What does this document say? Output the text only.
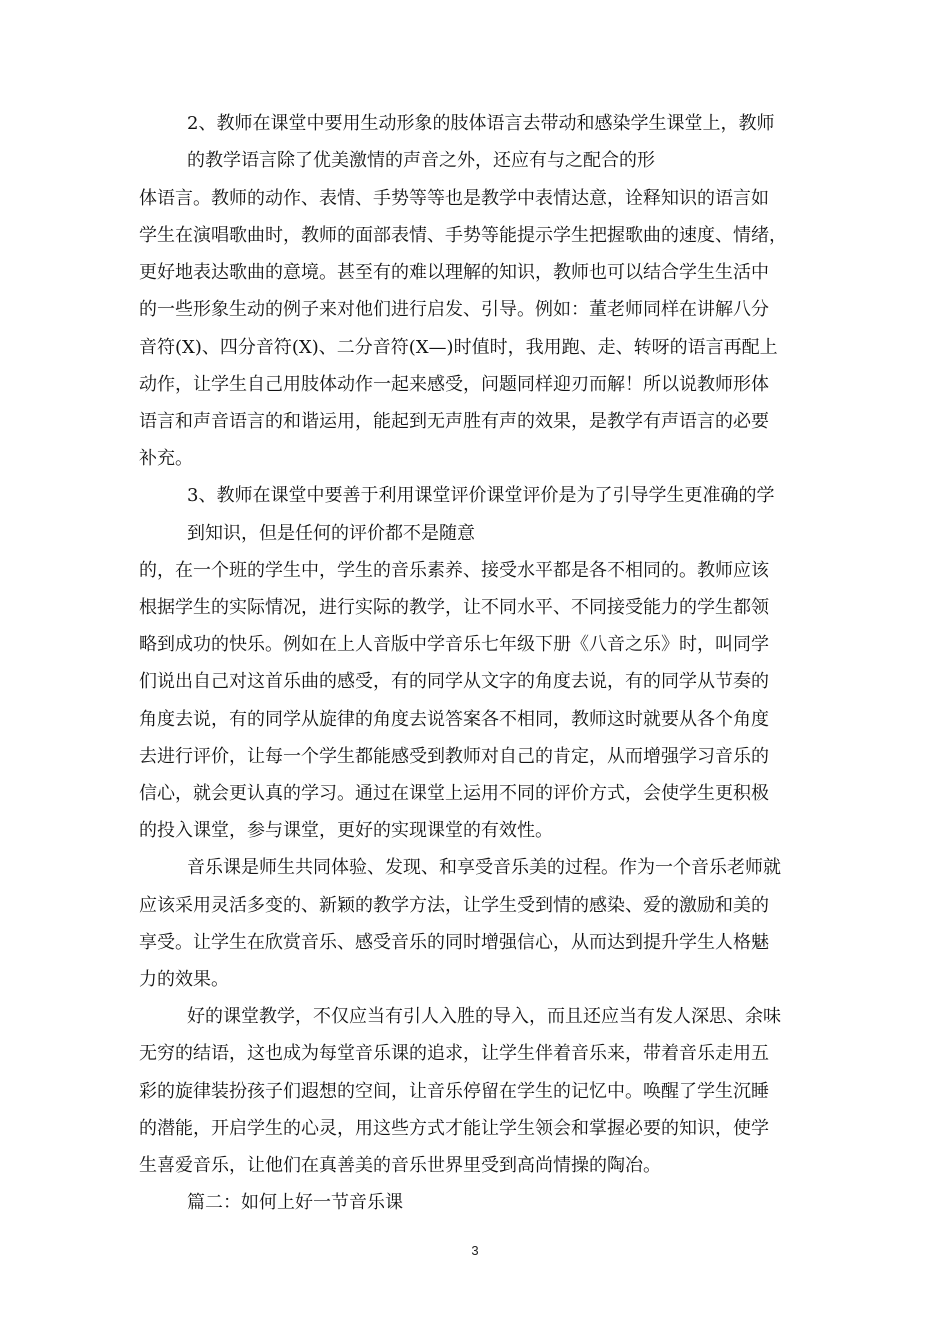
2、教师在课堂中要用生动形象的肢体语言去带动和感染学生课堂上，教师
的教学语言除了优美激情的声音之外，还应有与之配合的形
体语言。教师的动作、表情、手势等等也是教学中表情达意，诠释知识的语言如
学生在演唱歌曲时，教师的面部表情、手势等能提示学生把握歌曲的速度、情绪，
更好地表达歌曲的意境。甚至有的难以理解的知识，教师也可以结合学生生活中
的一些形象生动的例子来对他们进行启发、引导。例如：董老师同样在讲解八分
音符(X)、四分音符(X)、二分音符(X—)时值时，我用跑、走、转呀的语言再配上
动作，让学生自己用肢体动作一起来感受，问题同样迎刃而解！所以说教师形体
语言和声音语言的和谐运用，能起到无声胜有声的效果，是教学有声语言的必要
补充。
3、教师在课堂中要善于利用课堂评价课堂评价是为了引导学生更准确的学
到知识，但是任何的评价都不是随意
的，在一个班的学生中，学生的音乐素养、接受水平都是各不相同的。教师应该
根据学生的实际情况，进行实际的教学，让不同水平、不同接受能力的学生都领
略到成功的快乐。例如在上人音版中学音乐七年级下册《八音之乐》时，叫同学
们说出自己对这首乐曲的感受，有的同学从文字的角度去说，有的同学从节奏的
角度去说，有的同学从旋律的角度去说答案各不相同，教师这时就要从各个角度
去进行评价，让每一个学生都能感受到教师对自己的肯定，从而增强学习音乐的
信心，就会更认真的学习。通过在课堂上运用不同的评价方式，会使学生更积极
的投入课堂，参与课堂，更好的实现课堂的有效性。
音乐课是师生共同体验、发现、和享受音乐美的过程。作为一个音乐老师就
应该采用灵活多变的、新颖的教学方法，让学生受到情的感染、爱的激励和美的
享受。让学生在欣赏音乐、感受音乐的同时增强信心，从而达到提升学生人格魅
力的效果。
好的课堂教学，不仅应当有引人入胜的导入，而且还应当有发人深思、余味
无穷的结语，这也成为每堂音乐课的追求，让学生伴着音乐来，带着音乐走用五
彩的旋律装扮孩子们遐想的空间，让音乐停留在学生的记忆中。唤醒了学生沉睡
的潜能，开启学生的心灵，用这些方式才能让学生领会和掌握必要的知识，使学
生喜爱音乐，让他们在真善美的音乐世界里受到高尚情操的陶冶。
篇二：如何上好一节音乐课
3
